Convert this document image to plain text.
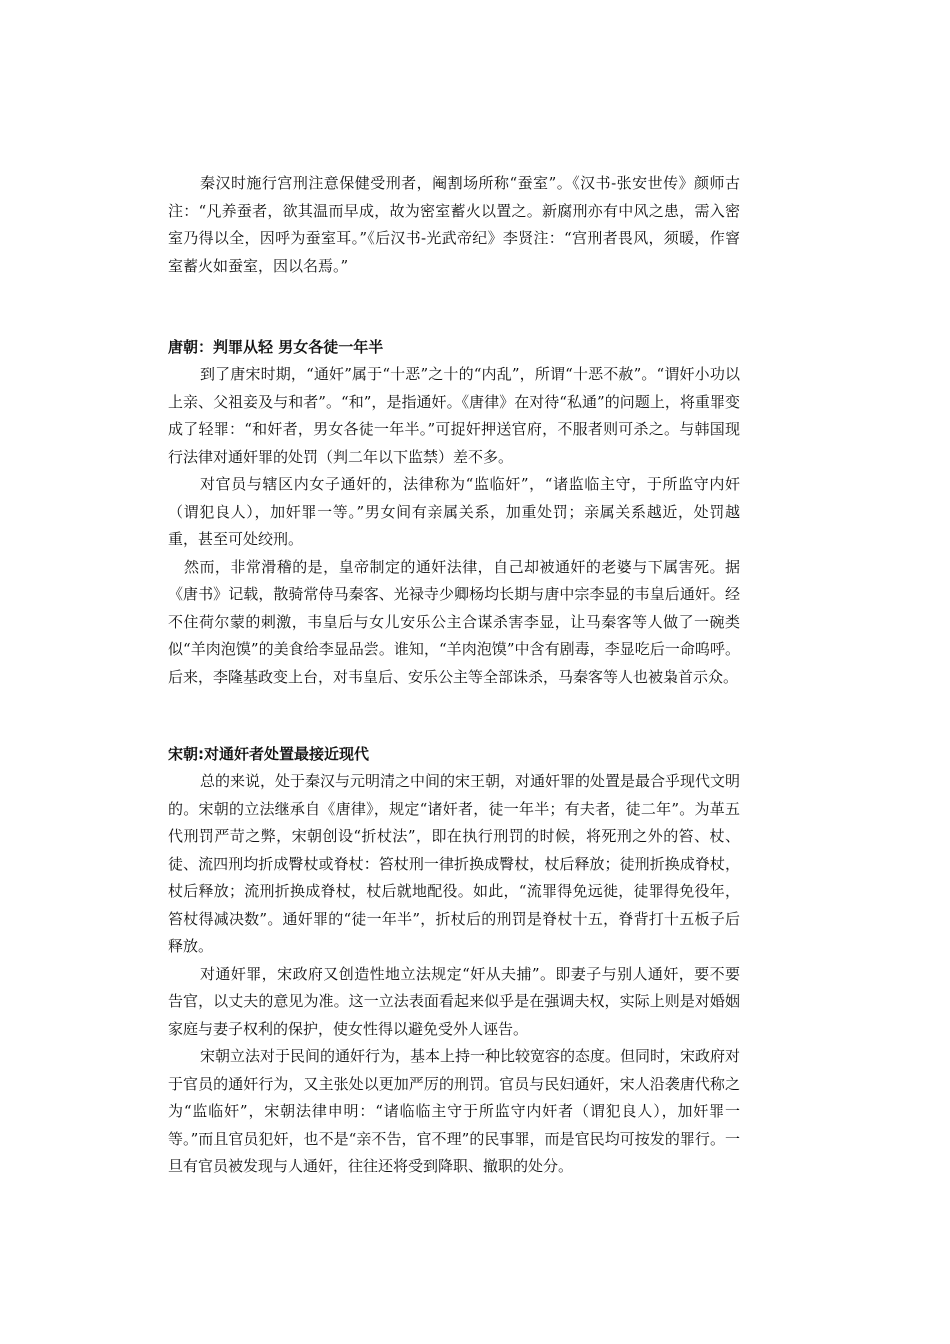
秦汉时施行宫刑注意保健受刑者，阉割场所称“蚕室”。《汉书-张安世传》颜师古注：“凡养蚕者，欲其温而早成，故为密室蓄火以置之。新腐刑亦有中风之患，需入密室乃得以全，因呼为蚕室耳。”《后汉书-光武帝纪》李贤注：“宫刑者畏风，须暖，作窨室蓄火如蚕室，因以名焉。”

唐朝：判罪从轻 男女各徒一年半

到了唐宋时期，“通奸”属于“十恶”之十的“内乱”，所谓“十恶不赦”。“谓奸小功以上亲、父祖妾及与和者”。“和”，是指通奸。《唐律》在对待“私通”的问题上，将重罪变成了轻罪：“和奸者，男女各徒一年半。”可捉奸押送官府，不服者则可杀之。与韩国现行法律对通奸罪的处罚（判二年以下监禁）差不多。

对官员与辖区内女子通奸的，法律称为“监临奸”，“诸监临主守，于所监守内奸（谓犯良人），加奸罪一等。”男女间有亲属关系，加重处罚；亲属关系越近，处罚越重，甚至可处绞刑。

然而，非常滑稽的是，皇帝制定的通奸法律，自己却被通奸的老婆与下属害死。据《唐书》记载，散骑常侍马秦客、光禄寺少卿杨均长期与唐中宗李显的韦皇后通奸。经不住荷尔蒙的刺激，韦皇后与女儿安乐公主合谋杀害李显，让马秦客等人做了一碗类似“羊肉泡馍”的美食给李显品尝。谁知，“羊肉泡馍”中含有剧毒，李显吃后一命呜呼。后来，李隆基政变上台，对韦皇后、安乐公主等全部诛杀，马秦客等人也被枭首示众。

宋朝:对通奸者处置最接近现代

总的来说，处于秦汉与元明清之中间的宋王朝，对通奸罪的处置是最合乎现代文明的。宋朝的立法继承自《唐律》，规定“诸奸者，徒一年半；有夫者，徒二年”。为革五代刑罚严苛之弊，宋朝创设“折杖法”，即在执行刑罚的时候，将死刑之外的笞、杖、徒、流四刑均折成臀杖或脊杖：笞杖刑一律折换成臀杖，杖后释放；徒刑折换成脊杖，杖后释放；流刑折换成脊杖，杖后就地配役。如此，“流罪得免远徙，徒罪得免役年，笞杖得减决数”。通奸罪的“徒一年半”，折杖后的刑罚是脊杖十五，脊背打十五板子后释放。

对通奸罪，宋政府又创造性地立法规定“奸从夫捕”。即妻子与别人通奸，要不要告官，以丈夫的意见为准。这一立法表面看起来似乎是在强调夫权，实际上则是对婚姻家庭与妻子权利的保护，使女性得以避免受外人诬告。

宋朝立法对于民间的通奸行为，基本上持一种比较宽容的态度。但同时，宋政府对于官员的通奸行为，又主张处以更加严厉的刑罚。官员与民妇通奸，宋人沿袭唐代称之为“监临奸”，宋朝法律申明：“诸临临主守于所监守内奸者（谓犯良人），加奸罪一等。”而且官员犯奸，也不是“亲不告，官不理”的民事罪，而是官民均可按发的罪行。一旦有官员被发现与人通奸，往往还将受到降职、撤职的处分。
